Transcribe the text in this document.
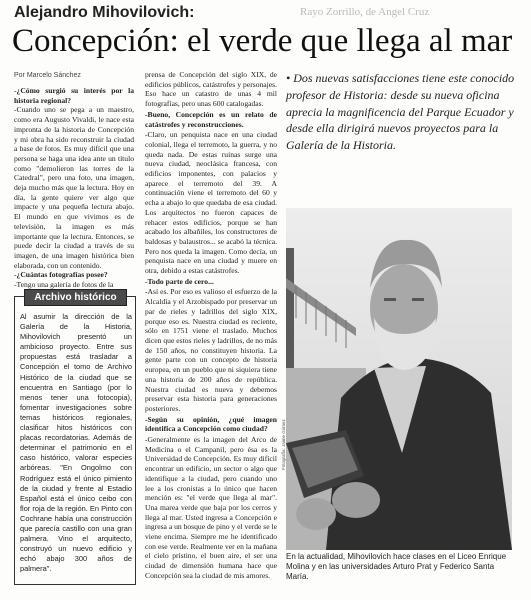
Rayo Zorrillo, de Angel Cruz
Alejandro Mihovilovich:
Concepción: el verde que llega al mar
Por Marcelo Sánchez

-¿Cómo surgió su interés por la historia regional?

-Cuando uno se pega a un maestro, como era Augusto Vivaldi, le nace esta impronta de la historia de Concepción y mi obra ha sido reconstruir la ciudad a base de fotos. Es muy difícil que una persona se haga una idea ante un título como "demolieron las torres de la Catedral", pero una foto, una imagen, deja mucho más que la lectura. Hoy en día, la gente quiere ver algo que impacte y una pequeña lectura abajo. El mundo en que vivimos es de televisión, la imagen es más importante que la lectura. Entonces, se puede decir la ciudad a través de su imagen, de una imagen histórica bien elaborada, con un contenido.

-¿Cuántas fotografías posee?

-Tengo una galería de fotos de la

Archivo histórico
Al asumir la dirección de la Galería de la Historia, Mihovilovich presentó un ambicioso proyecto. Entre sus propuestas está trasladar a Concepción el tomo de Archivo Histórico de la ciudad que se encuentra en Santiago (por lo menos tener una fotocopia), fomentar investigaciones sobre temas históricos regionales, clasificar hitos históricos con placas recordatorias. Además de determinar el patrimonio en el caso histórico, valorar especies arbóreas. "En Ongolmo con Rodríguez está el único pimiento de la ciudad y frente al Estadio Español está el único ceibo con flor roja de la región. En Pinto con Cochrane había una construcción que parecía castillo con una gran palmera. Vino el arquitecto, construyó un nuevo edificio y echó abajo 300 años de palmera".

prensa de Concepción del siglo XIX, de edificios públicos, catástrofes y personajes. Eso hace un catastro de unas 4 mil fotografías, pero unas 600 catalogadas.

-Bueno, Concepción es un relato de catástrofes y reconstrucciones.

-Claro, un penquista nace en una ciudad colonial, llega el terremoto, la guerra, y no queda nada. De estas ruinas surge una nueva ciudad, neoclásica francesa, con edificios imponentes, con palacios y aparece el terremoto del 39. A continuación viene el terremoto del 60 y echa a abajo lo que quedaba de esa ciudad. Los arquitectos no fueron capaces de rehacer estos edificios, porque se han acabado los albañiles, los constructores de baldosas y balaustros... se acabó la técnica. Pero nos queda la imagen. Como decía, un penquista nace en una ciudad y muere en otra, debido a estas catástrofes.

-Todo parte de cero...

-Así es. Por eso es valioso el esfuerzo de la Alcaldía y el Arzobispado por preservar un par de rieles y ladrillos del siglo XIX, porque eso es. Nuestra ciudad es reciente, sólo en 1751 viene el traslado. Muchos dicen que estos rieles y ladrillos, de no más de 150 años, no constituyen historia. La gente parte con un concepto de historia europea, en un pueblo que ni siquiera tiene una historia de 200 años de república. Nuestra ciudad es nueva y debemos preservar esta historia para generaciones posteriores.

-Según su opinión, ¿qué imagen identifica a Concepción como ciudad?

-Generalmente es la imagen del Arco de Medicina o el Campanil, pero ésa es la Universidad de Concepción. Es muy difícil encontrar un edificio, un sector o algo que identifique a la ciudad, pero cuando uno lee a los cronistas a lo único que hacen mención es: "el verde que llega al mar". Una marea verde que baja por los cerros y llega al mar. Usted ingresa a Concepción e ingresa a un bosque de pino y el verde se le viene encima. Siempre me he identificado con ese verde. Realmente ver en la mañana el cielo prístino, el buen aire, el ser una ciudad de dimensión humana hace que Concepción sea la ciudad de mis amores.

• Dos nuevas satisfacciones tiene este conocido profesor de Historia: desde su nueva oficina aprecia la magnificencia del Parque Ecuador y desde ella dirigirá nuevos proyectos para la Galería de la Historia.
Fotografía: Jaime Gómez
En la actualidad, Mihovilovich hace clases en el Liceo Enrique Molina y en las universidades Arturo Prat y Federico Santa María.
